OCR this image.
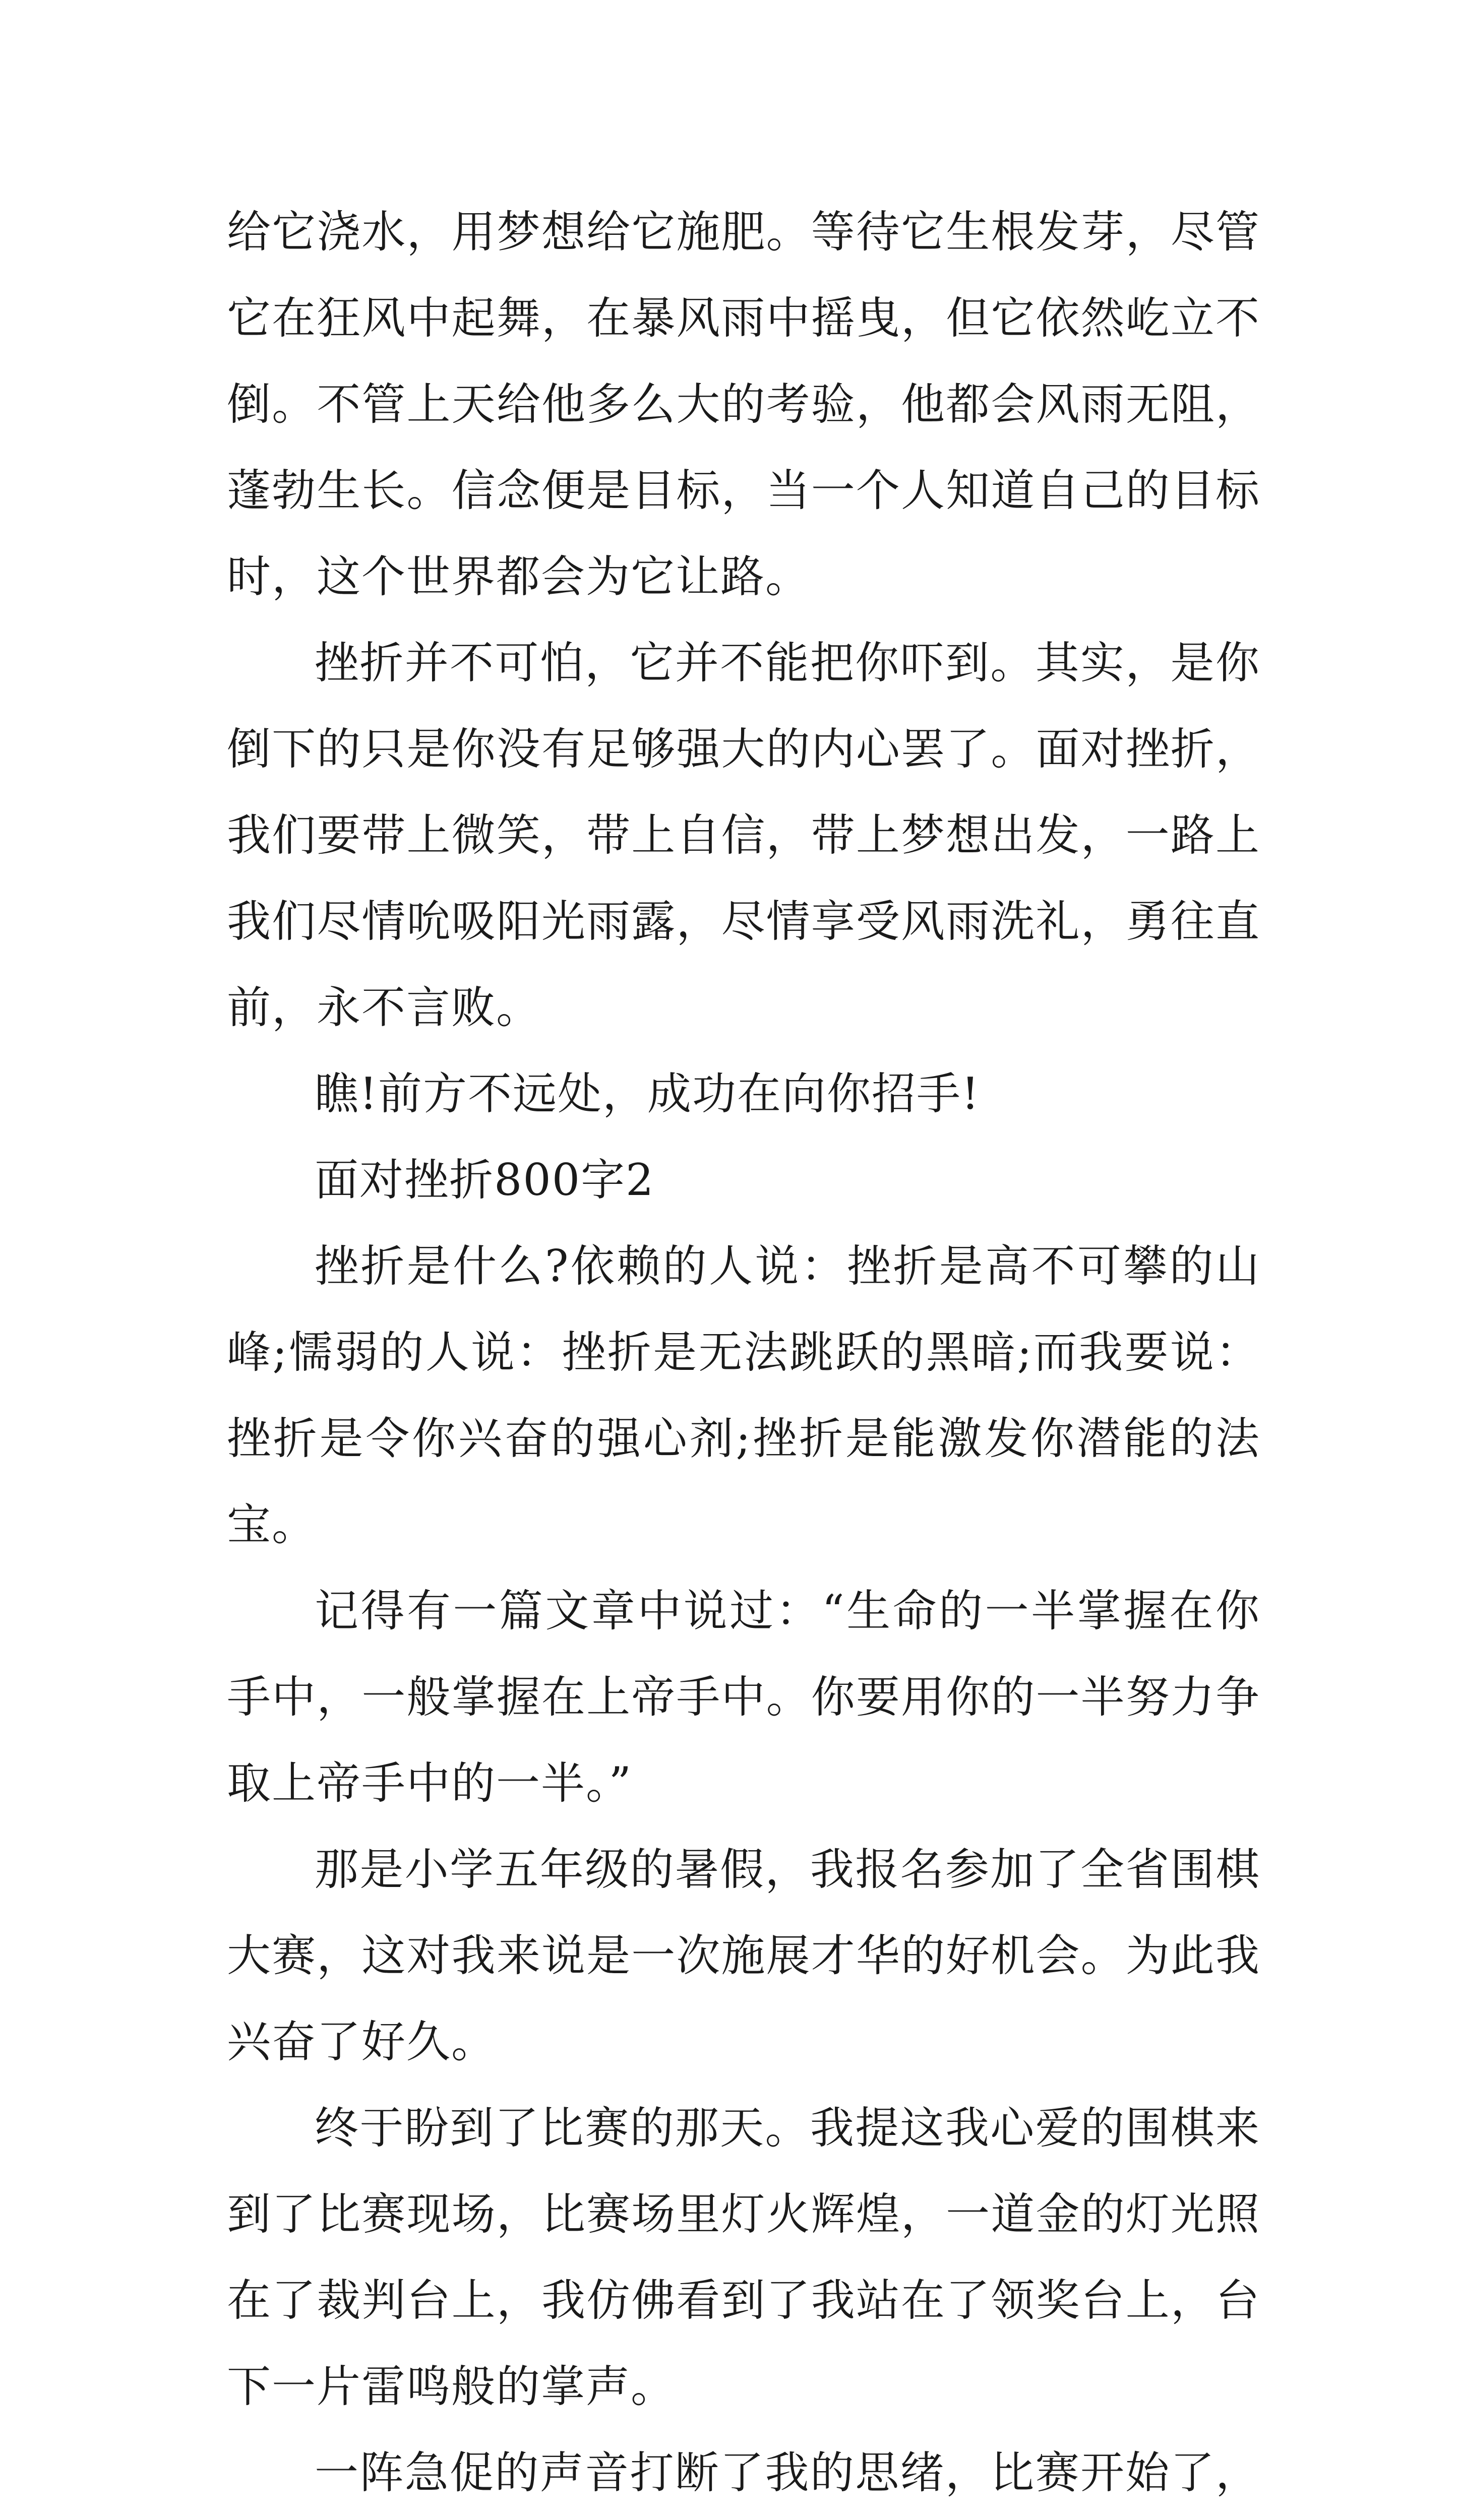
给它浇水，用梦想给它施肥。等待它生根发芽，尽管它在狂风中起舞，在暴风雨中摇曳，但它依然屹立不倒。不管上天给他多么大的考验，他都会风雨无阻，蓬勃生长。信念便是目标，当一个人知道自己的目标时，这个世界都会为它让路。

挫折并不可怕，它并不能把你吓到。其实，是你倒下的只是你没有足够强大的内心罢了。面对挫折，我们要带上微笑，带上自信，带上梦想出发，一路上我们尽情吮吸阳光雨露，尽情享受风雨洗礼，勇往直前，永不言败。

瞧!前方不远处，成功在向你招手!

面对挫折800字2

挫折是什么?依赖的人说：挫折是高不可攀的山峰;懦弱的人说：挫折是无法跳跃的黑暗;而我要说：挫折是令你兴奋的强心剂;挫折是能激发你潜能的法宝。

记得有一篇文章中说过：“生命的一半掌握在你手中，一般掌握在上帝手中。你要用你的一半努力争取上帝手中的一半。”

那是小学五年级的暑假，我报名参加了全省围棋大赛，这对我来说是一次施展才华的好机会。为此我兴奋了好久。

终于盼到了比赛的那天。我提这我心爱的围棋来到了比赛现场，比赛场里灯火辉煌，一道金的灯光照在了裁判台上，我仿佛看到了我站在了领奖台上，台下一片雷鸣般的掌声。

一阵急促的声音打断了我的思绪，比赛开始了，
